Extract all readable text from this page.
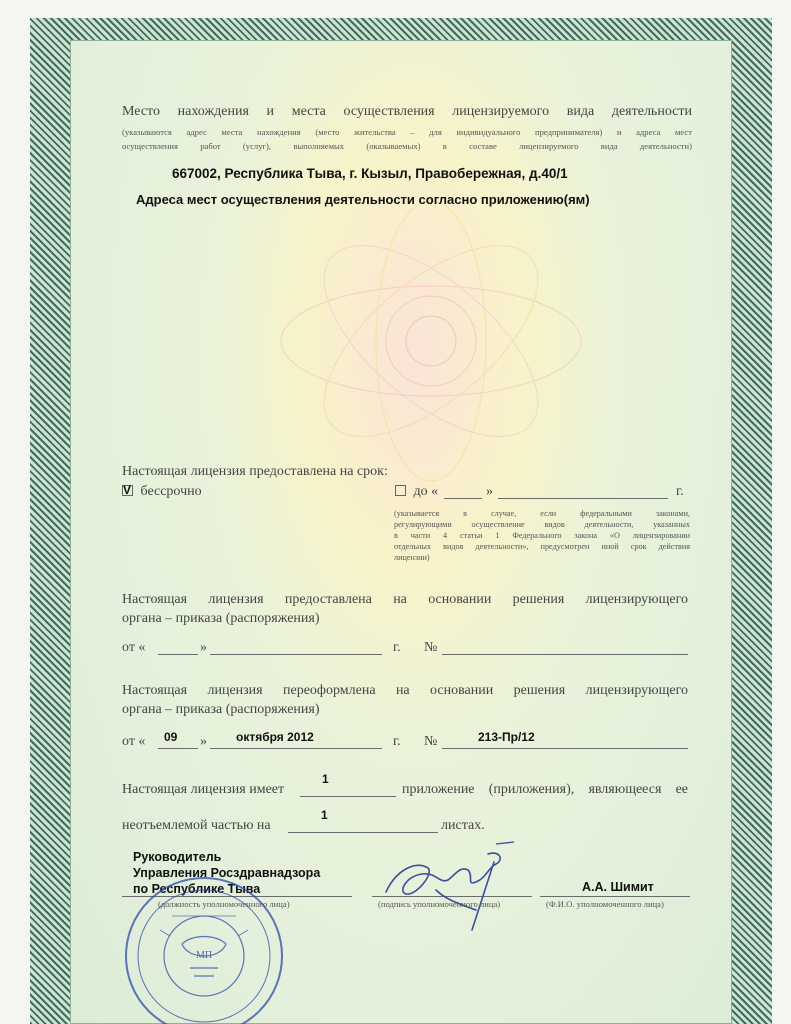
Место нахождения и места осуществления лицензируемого вида деятельности

(указываются адрес места нахождения (место жительства – для индивидуального предпринимателя) и адреса мест

осуществления работ (услуг), выполняемых (оказываемых) в составе лицензируемого вида деятельности)

667002, Республика Тыва, г. Кызыл, Правобережная, д.40/1

Адреса мест осуществления деятельности согласно приложению(ям)

Настоящая лицензия предоставлена на срок:

V бессрочно	до «	»	г.
(указывается в случае, если федеральными законами,
регулирующими осуществление видов деятельности, указанных
в части 4 статьи 1 Федерального закона «О лицензировании
отдельных видов деятельности», предусмотрен иной срок действия
лицензии)

Настоящая лицензия предоставлена на основании решения лицензирующего

органа – приказа (распоряжения)

от «	»	г. №

Настоящая лицензия переоформлена на основании решения лицензирующего

органа – приказа (распоряжения)

от « 09 » октября 2012	г. №	213-Пр/12
Настоящая лицензия имеет
1
приложение (приложения), являющееся ее
неотъемлемой частью на
1
листах.
Руководитель
Управления Росздравнадзора
по Республике Тыва
(должность уполномоченного лица)	(подпись уполномоченного лица)
А.А. Шимит
(Ф.И.О. уполномоченного лица)
МП
